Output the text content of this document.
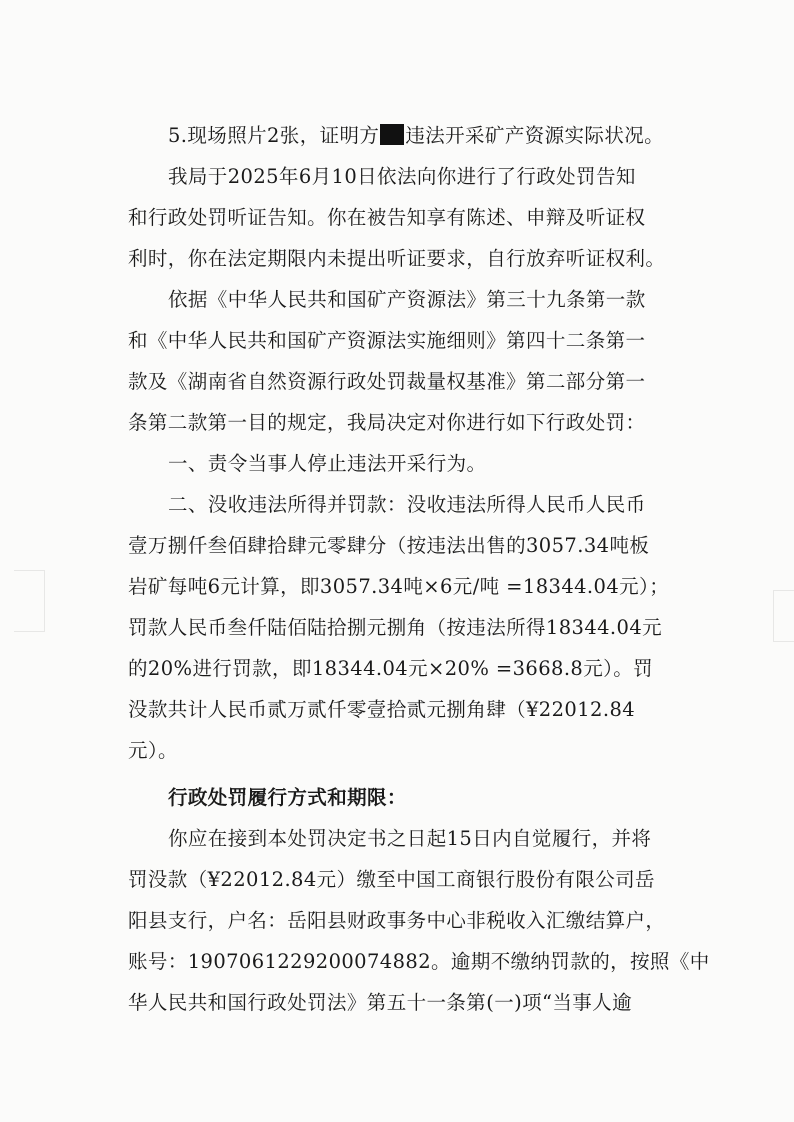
5.现场照片2张，证明方 违法开采矿产资源实际状况。
我局于2025年6月10日依法向你进行了行政处罚告知
和行政处罚听证告知。你在被告知享有陈述、申辩及听证权
利时，你在法定期限内未提出听证要求，自行放弃听证权利。
依据《中华人民共和国矿产资源法》第三十九条第一款
和《中华人民共和国矿产资源法实施细则》第四十二条第一
款及《湖南省自然资源行政处罚裁量权基准》第二部分第一
条第二款第一目的规定，我局决定对你进行如下行政处罚：
一、责令当事人停止违法开采行为。
二、没收违法所得并罚款：没收违法所得人民币人民币
壹万捌仟叁佰肆拾肆元零肆分（按违法出售的3057.34吨板
岩矿每吨6元计算，即3057.34吨×6元/吨 =18344.04元）；
罚款人民币叁仟陆佰陆拾捌元捌角（按违法所得18344.04元
的20%进行罚款，即18344.04元×20% =3668.8元）。罚
没款共计人民币贰万贰仟零壹拾贰元捌角肆（¥22012.84
元）。
行政处罚履行方式和期限：
你应在接到本处罚决定书之日起15日内自觉履行，并将
罚没款（¥22012.84元）缴至中国工商银行股份有限公司岳
阳县支行，户名：岳阳县财政事务中心非税收入汇缴结算户，
账号：1907061229200074882。逾期不缴纳罚款的，按照《中
华人民共和国行政处罚法》第五十一条第(一)项“当事人逾
